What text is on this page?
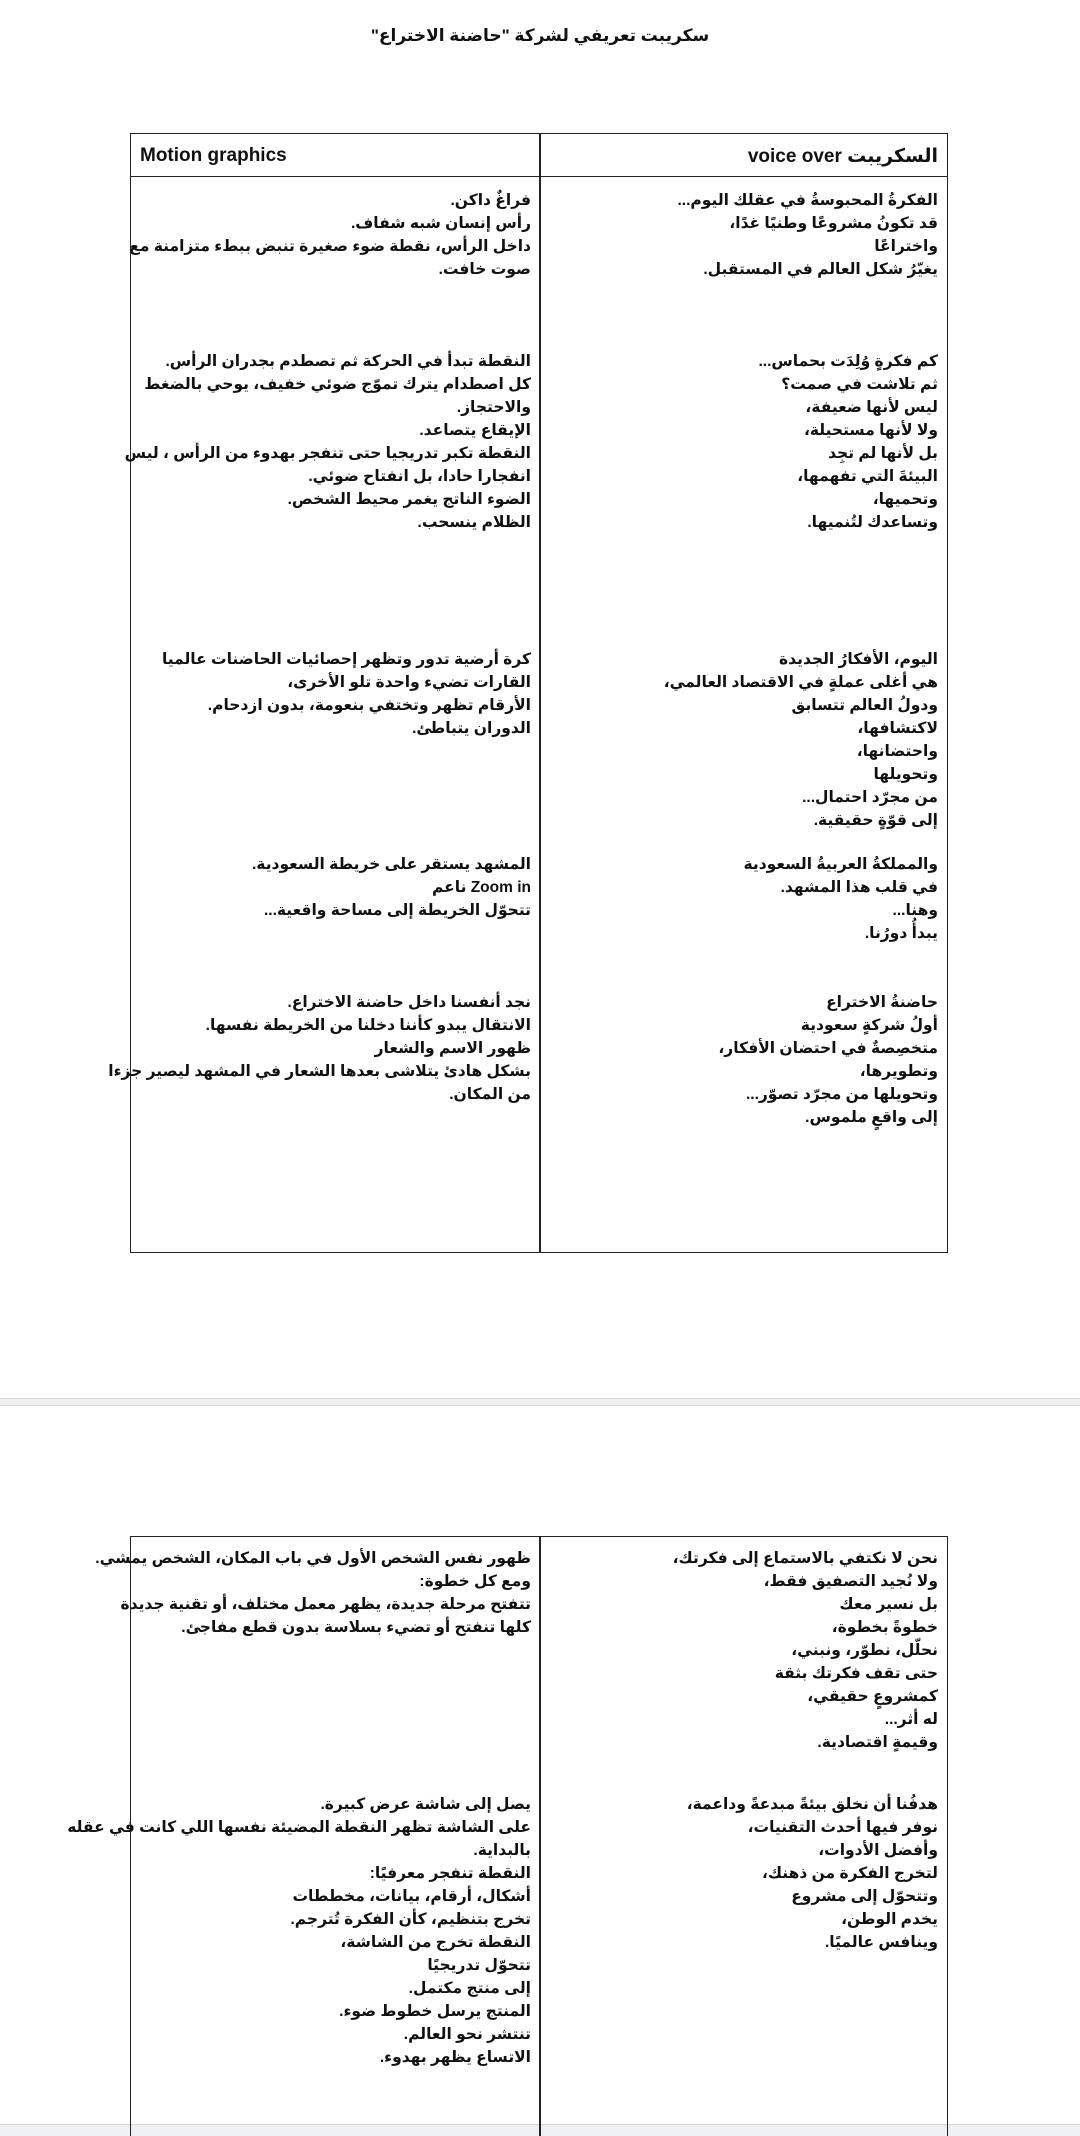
سكريبت تعريفي لشركة "حاضنة الاختراع"
Motion graphics	السكريبت voice over
الفكرةُ المحبوسةُ في عقلك اليوم...
قد تكونُ مشروعًا وطنيًا غدًا،
واختراعًا
يغيّرُ شكل العالم في المستقبل.
كم فكرةٍ وُلِدَت بحماس...
ثم تلاشت في صمت؟
ليس لأنها ضعيفة،
ولا لأنها مستحيلة،
بل لأنها لم تجِد
البيئةَ التي تفهمها،
وتحميها،
وتساعدك لتُنميها.
اليوم، الأفكارُ الجديدة
هي أغلى عملةٍ في الاقتصاد العالمي،
ودولُ العالم تتسابق
لاكتشافها،
واحتضانها،
وتحويلها
من مجرّد احتمال...
إلى قوّةٍ حقيقية.
والمملكةُ العربيةُ السعودية
في قلب هذا المشهد.
وهنا...
يبدأُ دورُنا.
حاضنةُ الاختراع
أولُ شركةٍ سعودية
متخصِصةٌ في احتضان الأفكار،
وتطويرها،
وتحويلها من مجرّد تصوّر...
إلى واقعٍ ملموس.
فراغٌ داكن.
رأس إنسان شبه شفاف.
داخل الرأس، نقطة ضوء صغيرة تنبض ببطء متزامنة مع
صوت خافت.
النقطة تبدأ في الحركة ثم تصطدم بجدران الرأس.
كل اصطدام يترك تموّج ضوئي خفيف، يوحي بالضغط
والاحتجاز.
الإيقاع يتصاعد.
النقطة تكبر تدريجيا حتى تنفجر بهدوء من الرأس ، ليس
انفجارا حادا، بل انفتاح ضوئي.
الضوء الناتج يغمر محيط الشخص.
الظلام ينسحب.
كرة أرضية تدور وتظهر إحصائيات الحاضنات عالميا
القارات تضيء واحدة تلو الأخرى،
الأرقام تظهر وتختفي بنعومة، بدون ازدحام.
الدوران يتباطئ.
المشهد يستقر على خريطة السعودية.
Zoom in ناعم
تتحوّل الخريطة إلى مساحة واقعية...
نجد أنفسنا داخل حاضنة الاختراع.
الانتقال يبدو كأننا دخلنا من الخريطة نفسها.
ظهور الاسم والشعار
بشكل هادئ يتلاشى بعدها الشعار في المشهد ليصير جزءا
من المكان.
نحن لا نكتفي بالاستماع إلى فكرتك،
ولا نُجيد التصفيق فقط،
بل نسير معك
خطوةً بخطوة،
نحلّل، نطوّر، ونبني،
حتى تقف فكرتك بثقة
كمشروعٍ حقيقي،
له أثر...
وقيمةٍ اقتصادية.
هدفُنا أن نخلق بيئةً مبدعةً وداعمة،
نوفر فيها أحدث التقنيات،
وأفضل الأدوات،
لتخرج الفكرة من ذهنك،
وتتحوّل إلى مشروع
يخدم الوطن،
وينافس عالميًا.
ظهور نفس الشخص الأول في باب المكان، الشخص يمشي.
ومع كل خطوة:
تتفتح مرحلة جديدة، يظهر معمل مختلف، أو تقنية جديدة
كلها تنفتح أو تضيء بسلاسة بدون قطع مفاجئ.
يصل إلى شاشة عرض كبيرة.
على الشاشة تظهر النقطة المضيئة نفسها اللي كانت في عقله
بالبداية.
النقطة تنفجر معرفيًا:
أشكال، أرقام، بيانات، مخططات
تخرج بتنظيم، كأن الفكرة تُترجم.
النقطة تخرج من الشاشة،
تتحوّل تدريجيًا
إلى منتج مكتمل.
المنتج يرسل خطوط ضوء.
تنتشر نحو العالم.
الاتساع يظهر بهدوء.
